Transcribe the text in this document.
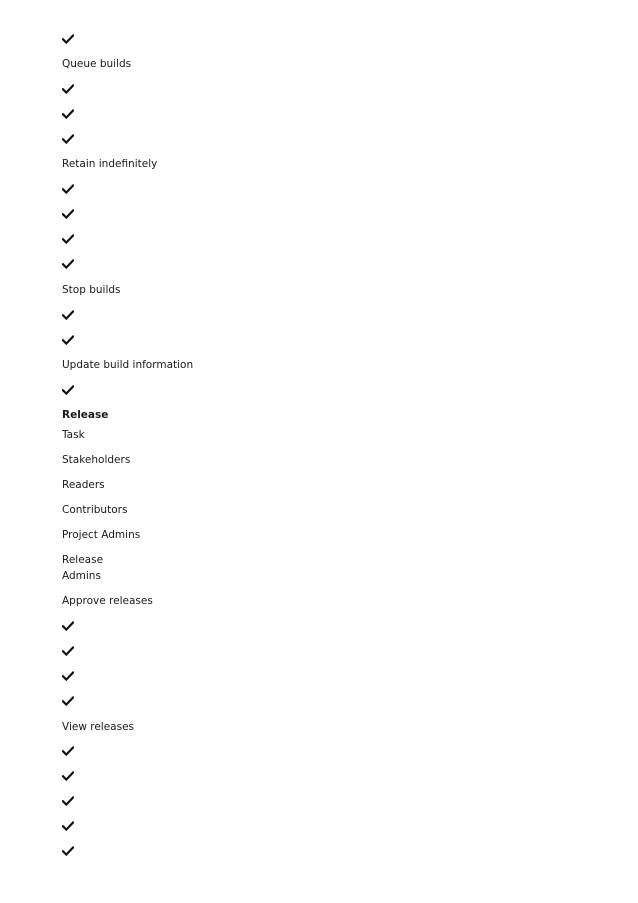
Queue builds
Retain indefinitely
Stop builds
Update build information
Release
Task
Stakeholders
Readers
Contributors
Project Admins
Release
Admins
Approve releases
View releases
